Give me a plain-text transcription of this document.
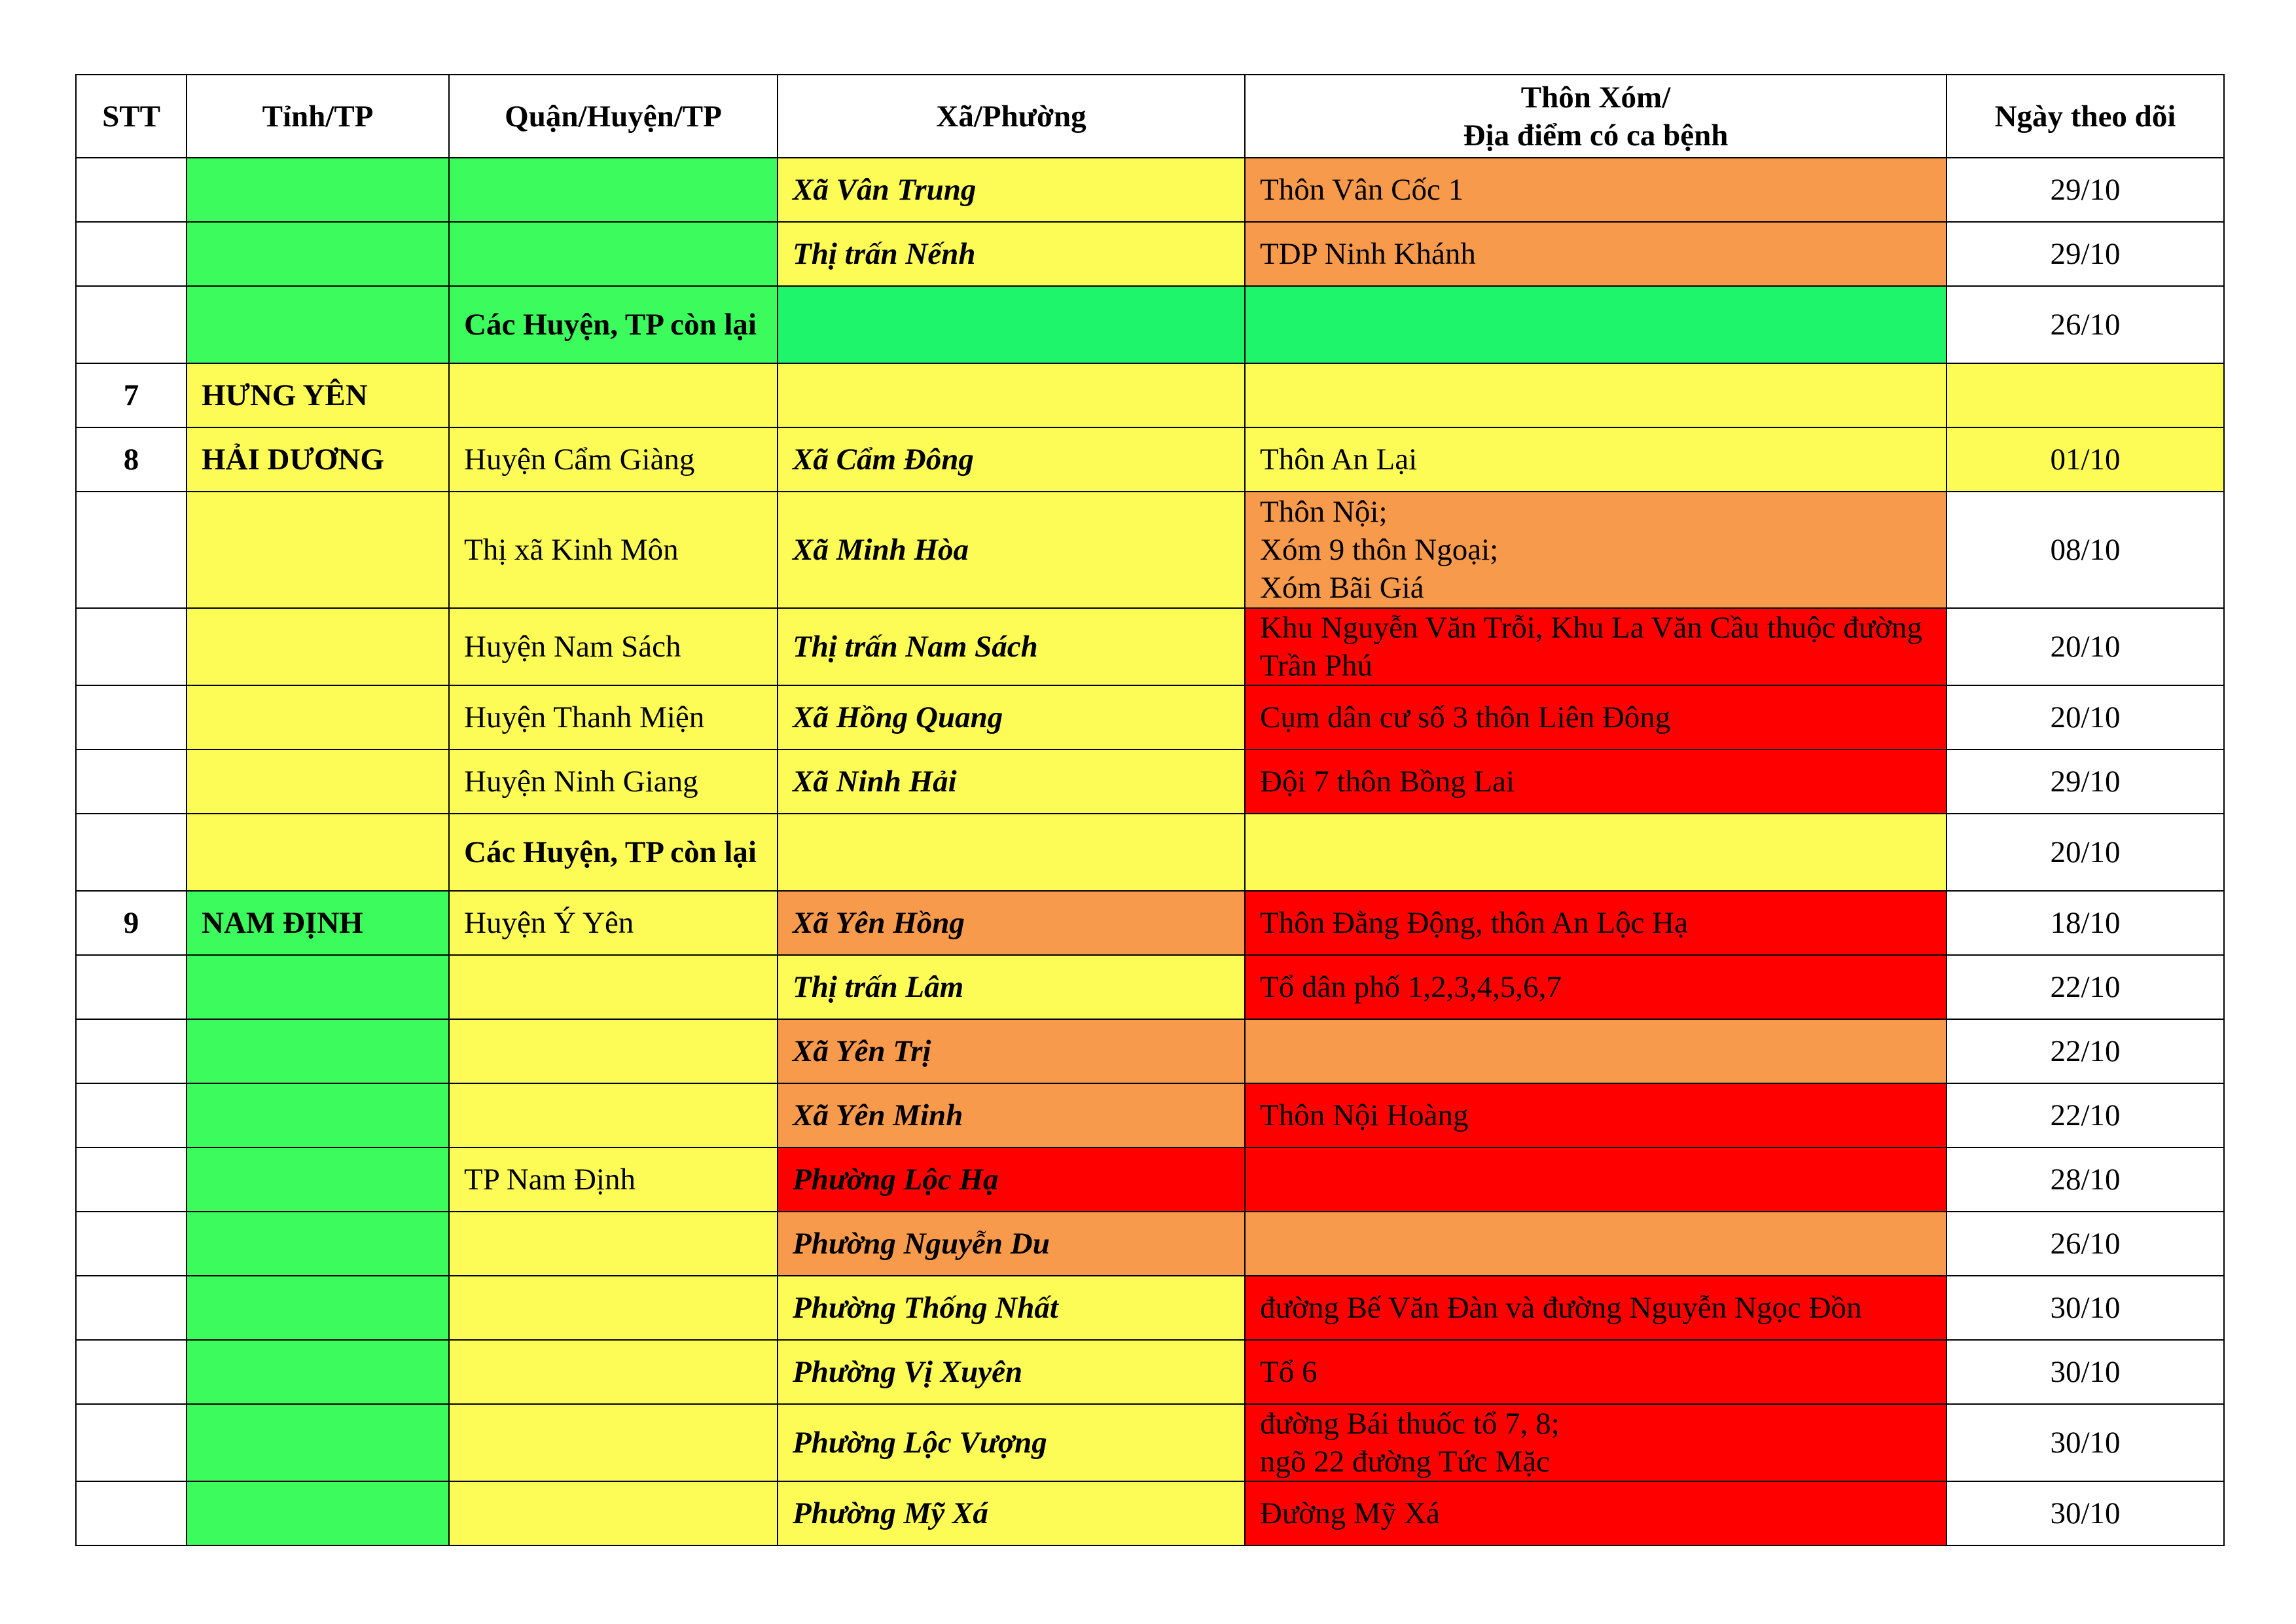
STT	Tỉnh/TP	Quận/Huyện/TP	Xã/Phường	Thôn Xóm/
Địa điểm có ca bệnh	Ngày theo dõi
			Xã Vân Trung	Thôn Vân Cốc 1	29/10
			Thị trấn Nếnh	TDP Ninh Khánh	29/10
		Các Huyện, TP còn lại			26/10
7	HƯNG YÊN				
8	HẢI DƯƠNG	Huyện Cẩm Giàng	Xã Cẩm Đông	Thôn An Lại	01/10
		Thị xã Kinh Môn	Xã Minh Hòa	Thôn Nội;
Xóm 9 thôn Ngoại;
Xóm Bãi Giá	08/10
		Huyện Nam Sách	Thị trấn Nam Sách	Khu Nguyễn Văn Trỗi, Khu La Văn Cầu thuộc đường Trần Phú	20/10
		Huyện Thanh Miện	Xã Hồng Quang	Cụm dân cư số 3 thôn Liên Đông	20/10
		Huyện Ninh Giang	Xã Ninh Hải	Đội 7 thôn Bồng Lai	29/10
		Các Huyện, TP còn lại			20/10
9	NAM ĐỊNH	Huyện Ý Yên	Xã Yên Hồng	Thôn Đằng Động, thôn An Lộc Hạ	18/10
			Thị trấn Lâm	Tổ dân phố 1,2,3,4,5,6,7	22/10
			Xã Yên Trị		22/10
			Xã Yên Minh	Thôn Nội Hoàng	22/10
		TP Nam Định	Phường Lộc Hạ		28/10
			Phường Nguyễn Du		26/10
			Phường Thống Nhất	đường Bế Văn Đàn và đường Nguyễn Ngọc Đồn	30/10
			Phường Vị Xuyên	Tổ 6	30/10
			Phường Lộc Vượng	đường Bái thuốc tổ 7, 8;
ngõ 22 đường Tức Mặc	30/10
			Phường Mỹ Xá	Đường Mỹ Xá	30/10
